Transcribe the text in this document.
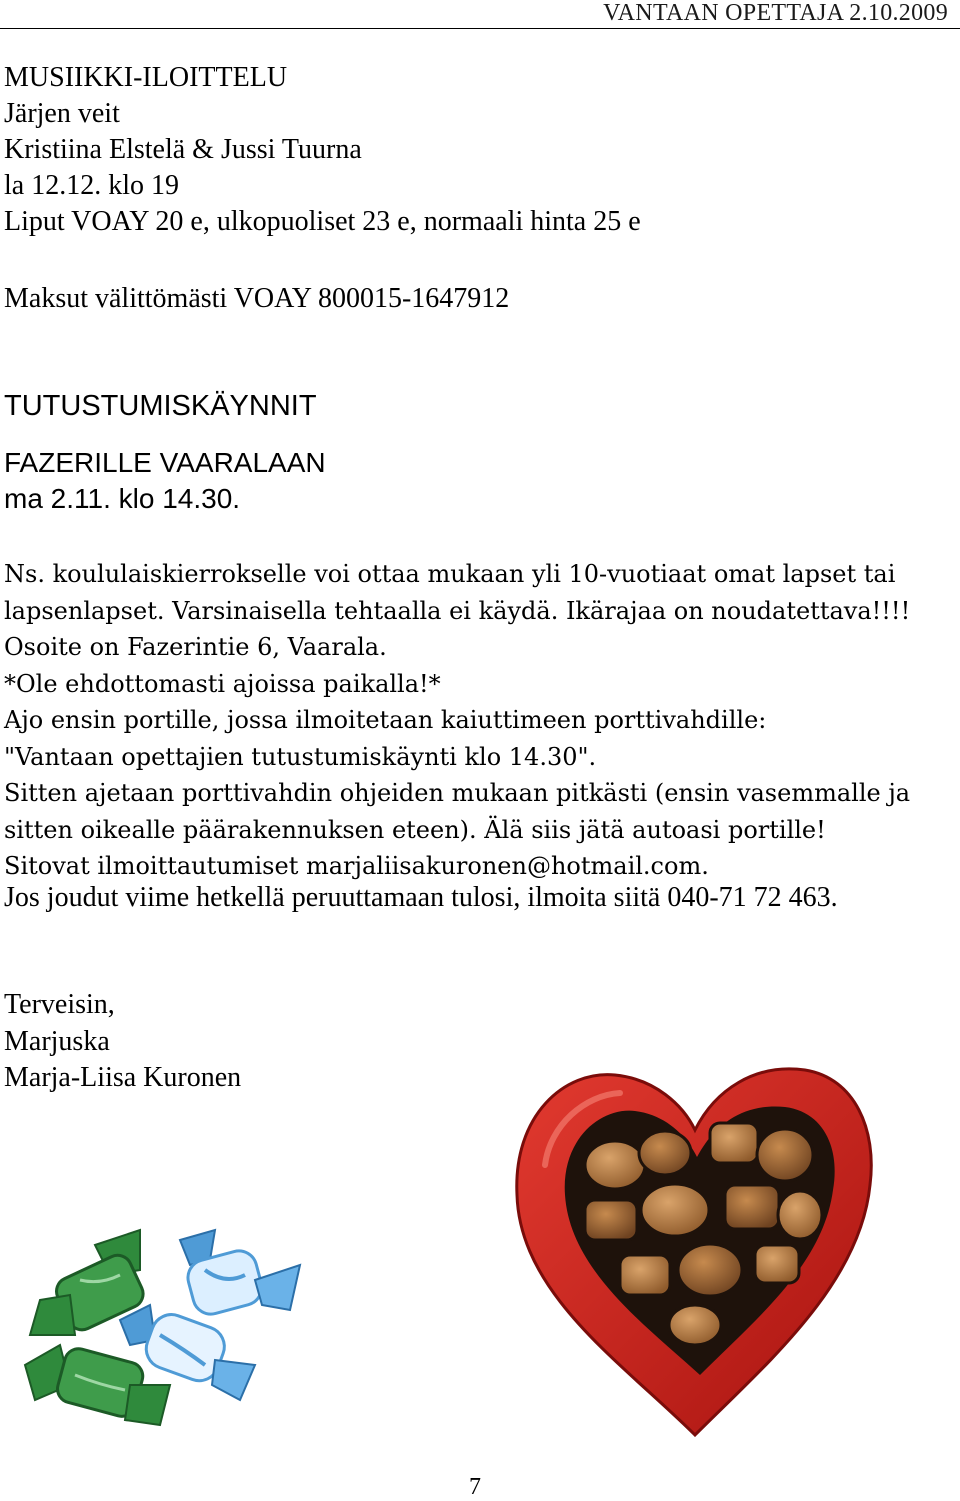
VANTAAN OPETTAJA 2.10.2009
MUSIIKKI-ILOITTELU
Järjen veit
Kristiina Elstelä & Jussi Tuurna
la 12.12. klo 19
Liput VOAY 20 e, ulkopuoliset 23 e, normaali hinta 25 e
Maksut välittömästi VOAY 800015-1647912
TUTUSTUMISKÄYNNIT
FAZERILLE VAARALAAN
ma 2.11. klo 14.30.
Ns. koululaiskierrokselle voi ottaa mukaan yli 10-vuotiaat omat lapset tai
lapsenlapset. Varsinaisella tehtaalla ei käydä. Ikärajaa on noudatettava!!!!
Osoite on Fazerintie 6, Vaarala.
*Ole ehdottomasti ajoissa paikalla!*
Ajo ensin portille, jossa ilmoitetaan kaiuttimeen porttivahdille:
"Vantaan opettajien tutustumiskäynti klo 14.30".
Sitten ajetaan porttivahdin ohjeiden mukaan pitkästi (ensin vasemmalle ja
sitten oikealle päärakennuksen eteen). Älä siis jätä autoasi portille!
Sitovat ilmoittautumiset marjaliisakuronen@hotmail.com.
Jos joudut viime hetkellä peruuttamaan tulosi, ilmoita siitä 040-71 72 463.
Terveisin,
Marjuska
Marja-Liisa Kuronen
7
